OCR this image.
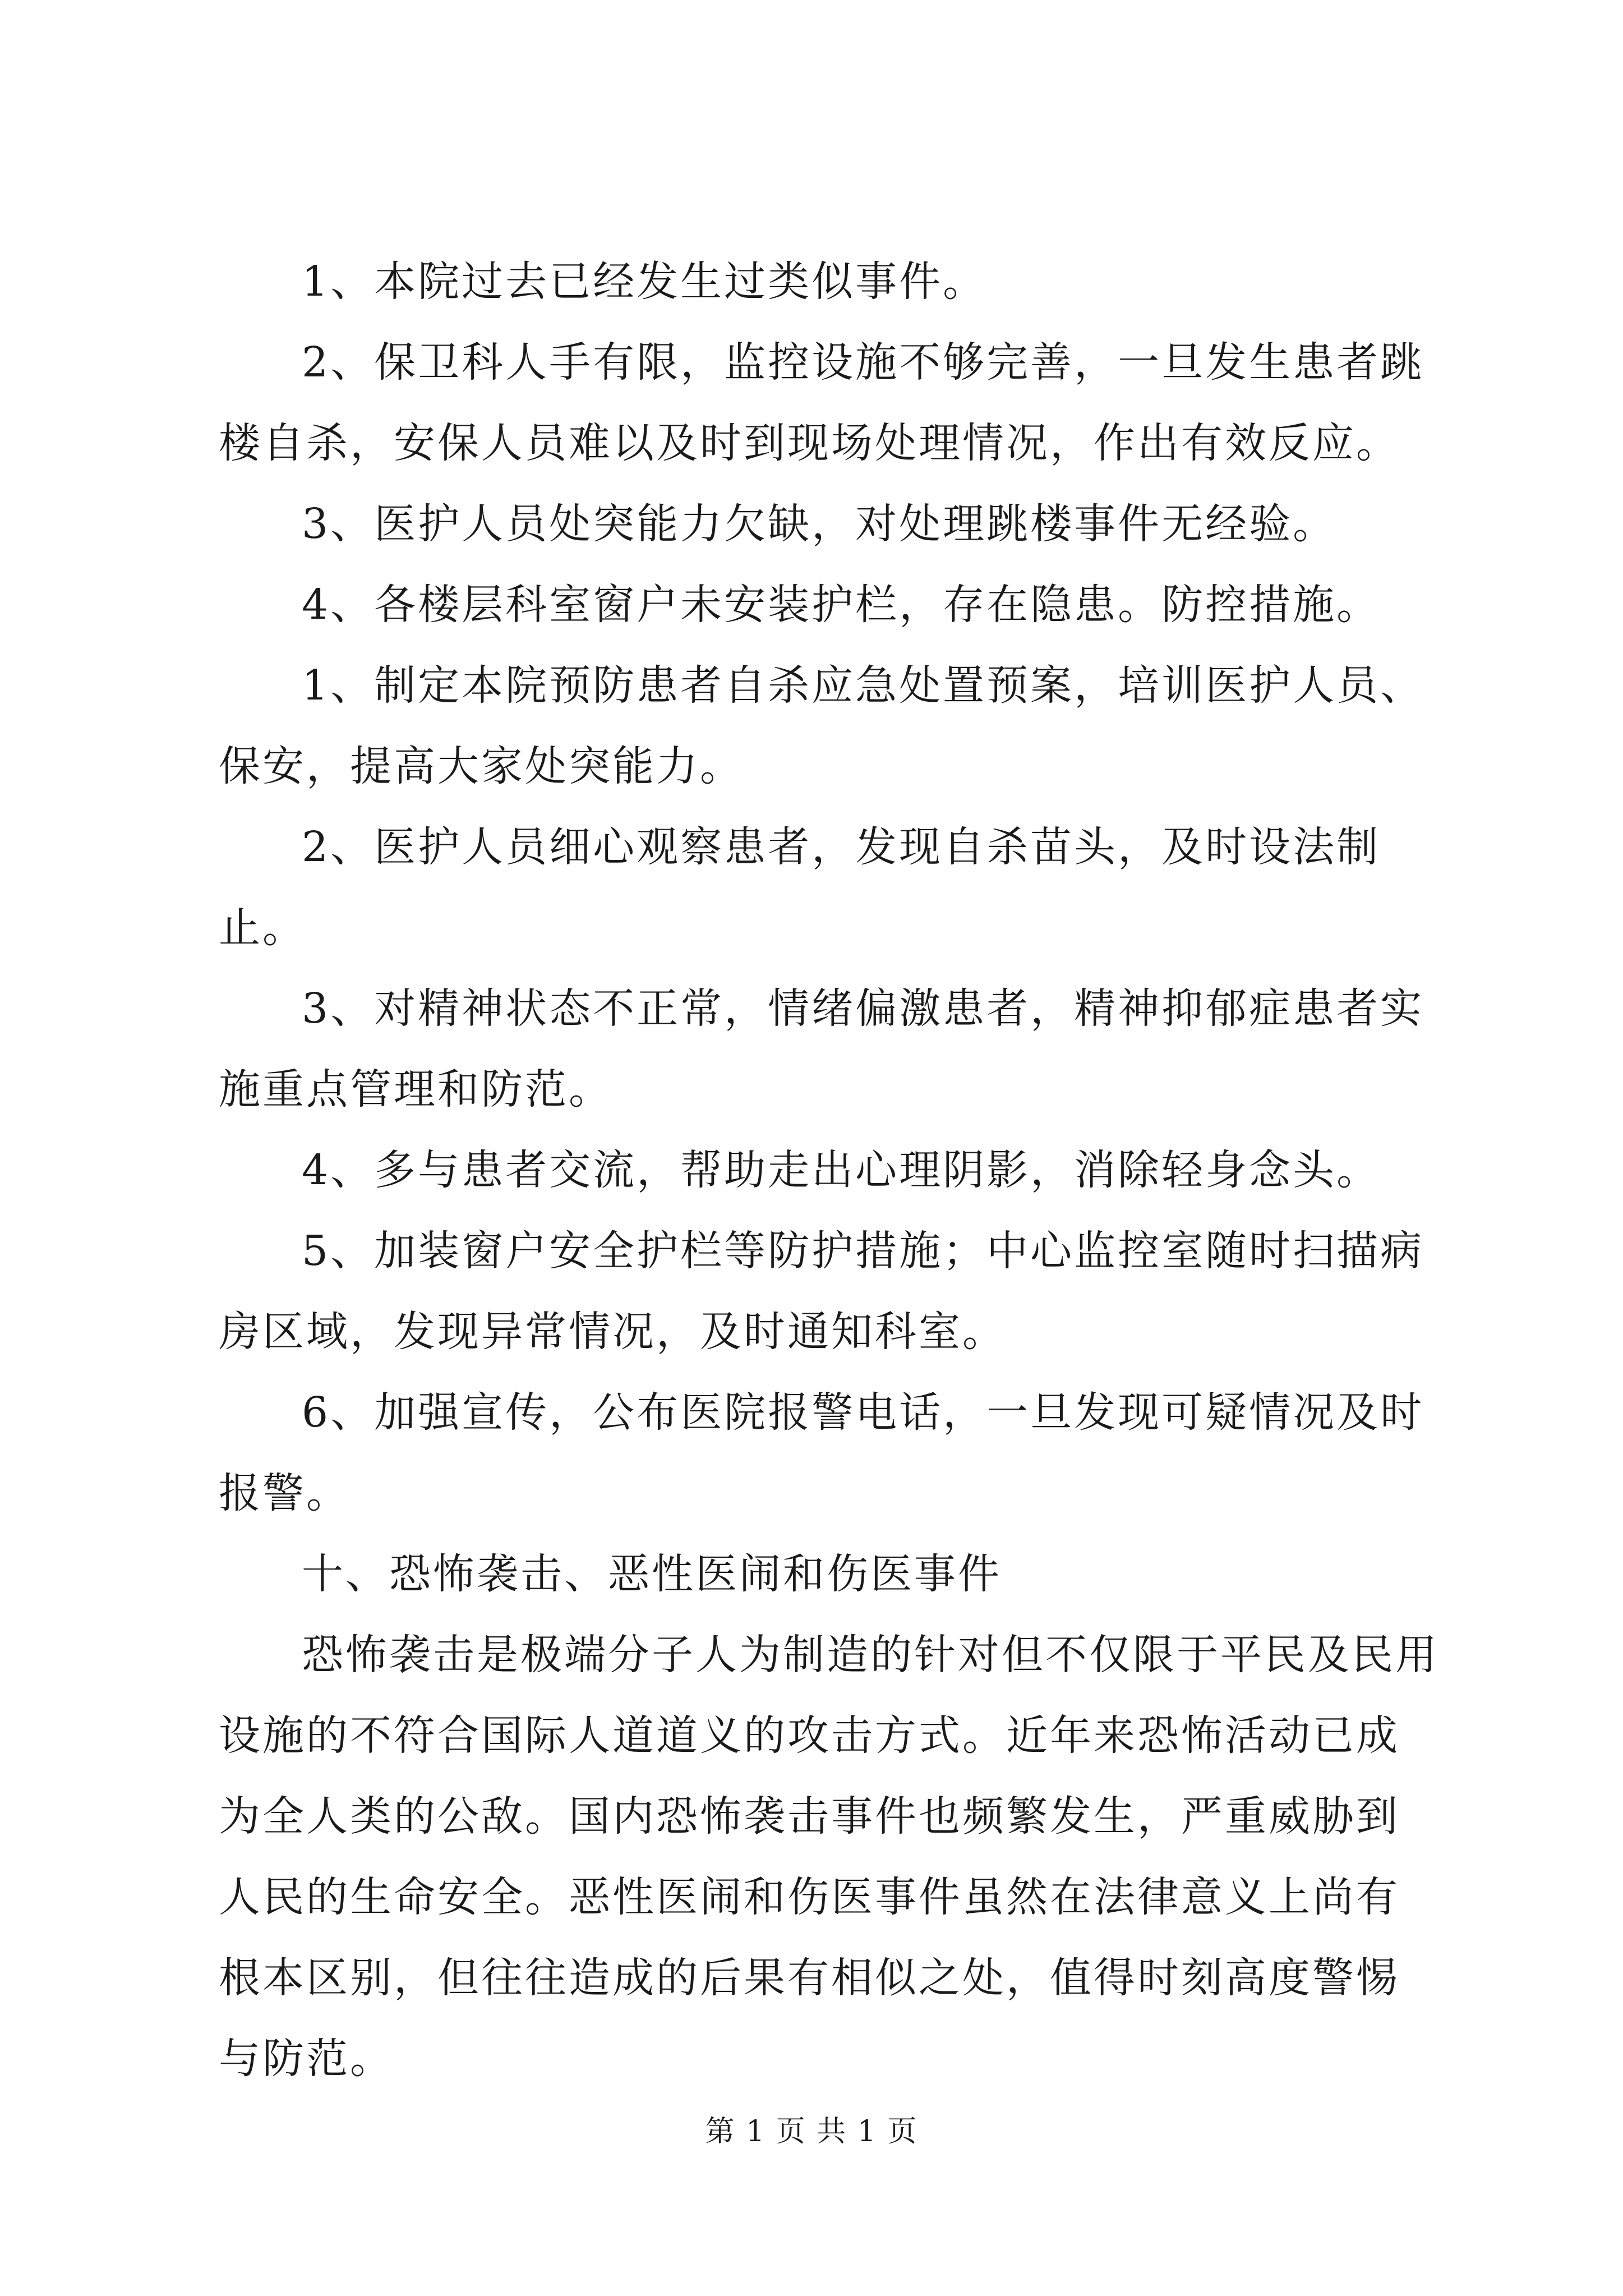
1、本院过去已经发生过类似事件。

2、保卫科人手有限，监控设施不够完善，一旦发生患者跳楼自杀，安保人员难以及时到现场处理情况，作出有效反应。

3、医护人员处突能力欠缺，对处理跳楼事件无经验。

4、各楼层科室窗户未安装护栏，存在隐患。防控措施。

1、制定本院预防患者自杀应急处置预案，培训医护人员、保安，提高大家处突能力。

2、医护人员细心观察患者，发现自杀苗头，及时设法制止。

3、对精神状态不正常，情绪偏激患者，精神抑郁症患者实施重点管理和防范。

4、多与患者交流，帮助走出心理阴影，消除轻身念头。

5、加装窗户安全护栏等防护措施；中心监控室随时扫描病房区域，发现异常情况，及时通知科室。

6、加强宣传，公布医院报警电话，一旦发现可疑情况及时报警。

十、恐怖袭击、恶性医闹和伤医事件

恐怖袭击是极端分子人为制造的针对但不仅限于平民及民用设施的不符合国际人道道义的攻击方式。近年来恐怖活动已成为全人类的公敌。国内恐怖袭击事件也频繁发生，严重威胁到人民的生命安全。恶性医闹和伤医事件虽然在法律意义上尚有根本区别，但往往造成的后果有相似之处，值得时刻高度警惕与防范。

第 1 页 共 1 页
